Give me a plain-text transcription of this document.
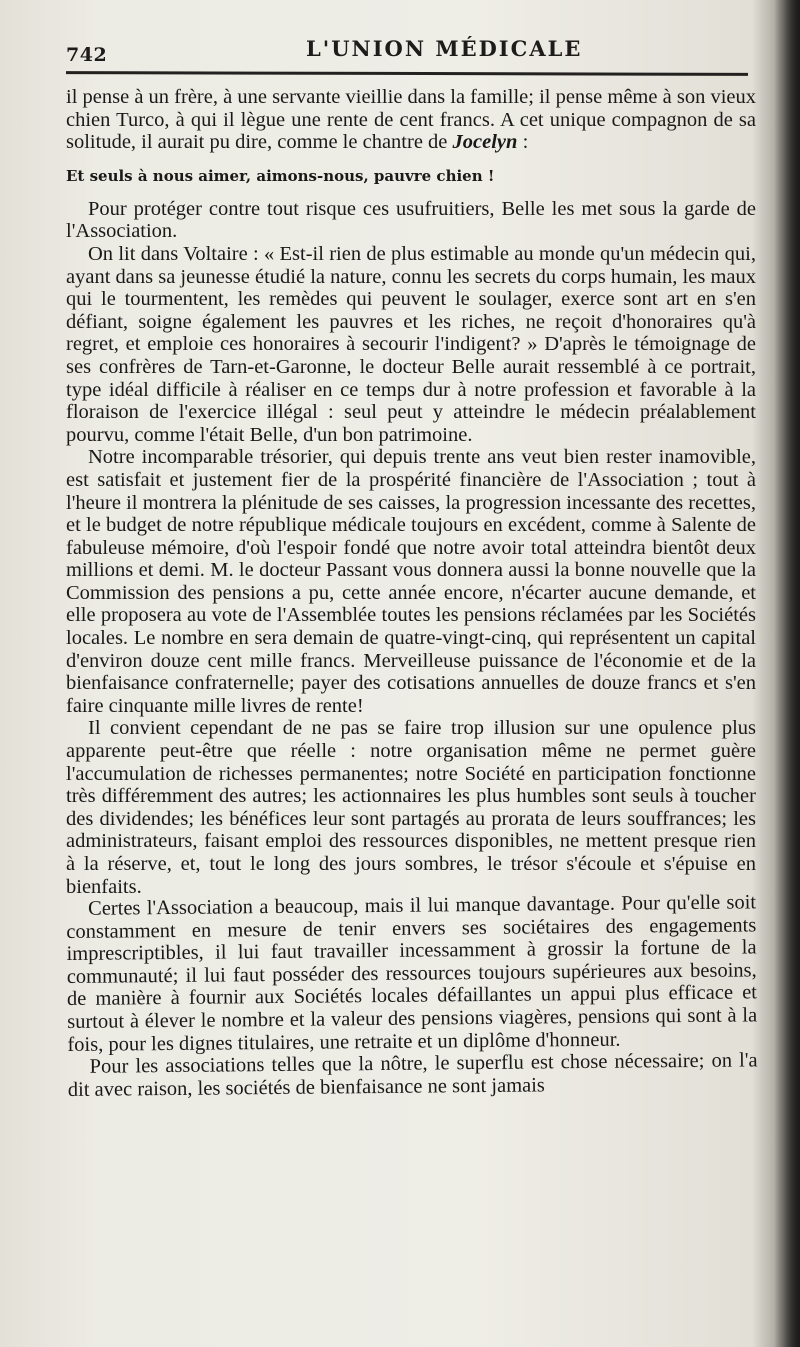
742	L'UNION MÉDICALE

il pense à un frère, à une servante vieillie dans la famille; il pense même à son vieux chien Turco, à qui il lègue une rente de cent francs. A cet unique compagnon de sa solitude, il aurait pu dire, comme le chantre de Jocelyn :

Et seuls à nous aimer, aimons-nous, pauvre chien !

Pour protéger contre tout risque ces usufruitiers, Belle les met sous la garde de l'Association.

On lit dans Voltaire : « Est-il rien de plus estimable au monde qu'un médecin qui, ayant dans sa jeunesse étudié la nature, connu les secrets du corps humain, les maux qui le tourmentent, les remèdes qui peuvent le soulager, exerce sont art en s'en défiant, soigne également les pauvres et les riches, ne reçoit d'honoraires qu'à regret, et emploie ces honoraires à secourir l'indigent? » D'après le témoignage de ses confrères de Tarn-et-Garonne, le docteur Belle aurait ressemblé à ce portrait, type idéal difficile à réaliser en ce temps dur à notre profession et favorable à la floraison de l'exercice illégal : seul peut y atteindre le médecin préalablement pourvu, comme l'était Belle, d'un bon patrimoine.

Notre incomparable trésorier, qui depuis trente ans veut bien rester inamovible, est satisfait et justement fier de la prospérité financière de l'Association ; tout à l'heure il montrera la plénitude de ses caisses, la progression incessante des recettes, et le budget de notre république médicale toujours en excédent, comme à Salente de fabuleuse mémoire, d'où l'espoir fondé que notre avoir total atteindra bientôt deux millions et demi. M. le docteur Passant vous donnera aussi la bonne nouvelle que la Commission des pensions a pu, cette année encore, n'écarter aucune demande, et elle proposera au vote de l'Assemblée toutes les pensions réclamées par les Sociétés locales. Le nombre en sera demain de quatre-vingt-cinq, qui représentent un capital d'environ douze cent mille francs. Merveilleuse puissance de l'économie et de la bienfaisance confraternelle; payer des cotisations annuelles de douze francs et s'en faire cinquante mille livres de rente!

Il convient cependant de ne pas se faire trop illusion sur une opulence plus apparente peut-être que réelle : notre organisation même ne permet guère l'accumulation de richesses permanentes; notre Société en participation fonctionne très différemment des autres; les actionnaires les plus humbles sont seuls à toucher des dividendes; les bénéfices leur sont partagés au prorata de leurs souffrances; les administrateurs, faisant emploi des ressources disponibles, ne mettent presque rien à la réserve, et, tout le long des jours sombres, le trésor s'écoule et s'épuise en bienfaits.

Certes l'Association a beaucoup, mais il lui manque davantage. Pour qu'elle soit constamment en mesure de tenir envers ses sociétaires des engagements imprescriptibles, il lui faut travailler incessamment à grossir la fortune de la communauté; il lui faut posséder des ressources toujours supérieures aux besoins, de manière à fournir aux Sociétés locales défaillantes un appui plus efficace et surtout à élever le nombre et la valeur des pensions viagères, pensions qui sont à la fois, pour les dignes titulaires, une retraite et un diplôme d'honneur.

Pour les associations telles que la nôtre, le superflu est chose nécessaire; on l'a dit avec raison, les sociétés de bienfaisance ne sont jamais
